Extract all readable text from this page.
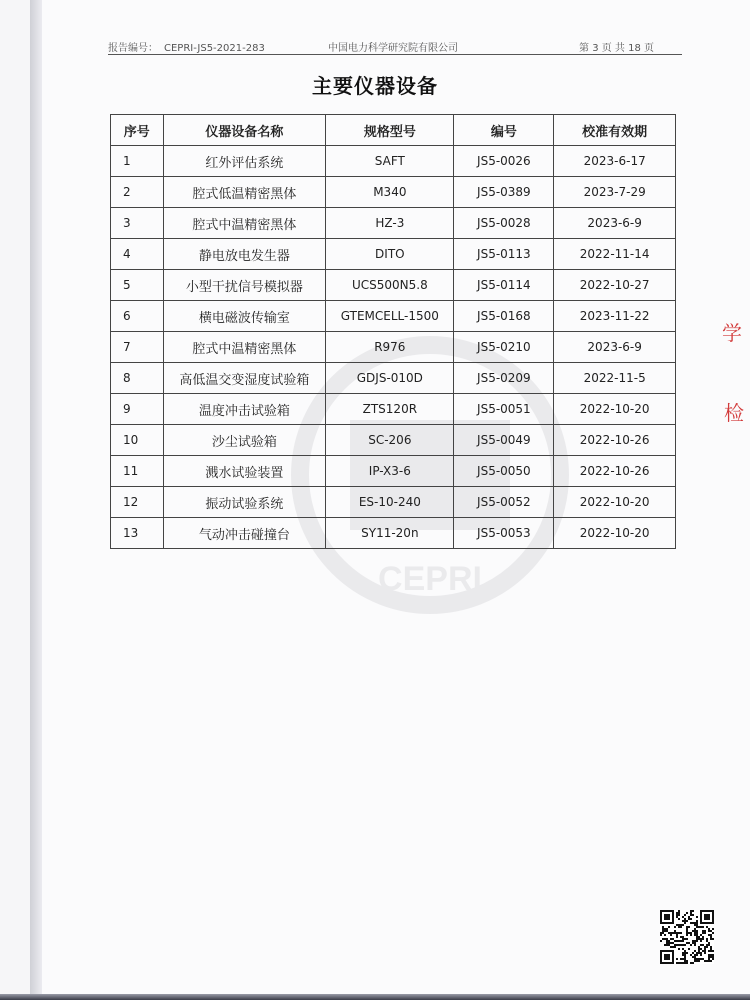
报告编号： CEPRI-JS5-2021-283	中国电力科学研究院有限公司	第 3 页 共 18 页
主要仪器设备
CEPRI
序号	仪器设备名称	规格型号	编号	校准有效期
1	红外评估系统	SAFT	JS5-0026	2023-6-17
2	腔式低温精密黑体	M340	JS5-0389	2023-7-29
3	腔式中温精密黑体	HZ-3	JS5-0028	2023-6-9
4	静电放电发生器	DITO	JS5-0113	2022-11-14
5	小型干扰信号模拟器	UCS500N5.8	JS5-0114	2022-10-27
6	横电磁波传输室	GTEMCELL-1500	JS5-0168	2023-11-22
7	腔式中温精密黑体	R976	JS5-0210	2023-6-9
8	高低温交变湿度试验箱	GDJS-010D	JS5-0209	2022-11-5
9	温度冲击试验箱	ZTS120R	JS5-0051	2022-10-20
10	沙尘试验箱	SC-206	JS5-0049	2022-10-26
11	溅水试验装置	IP-X3-6	JS5-0050	2022-10-26
12	振动试验系统	ES-10-240	JS5-0052	2022-10-20
13	气动冲击碰撞台	SY11-20n	JS5-0053	2022-10-20
学
检
